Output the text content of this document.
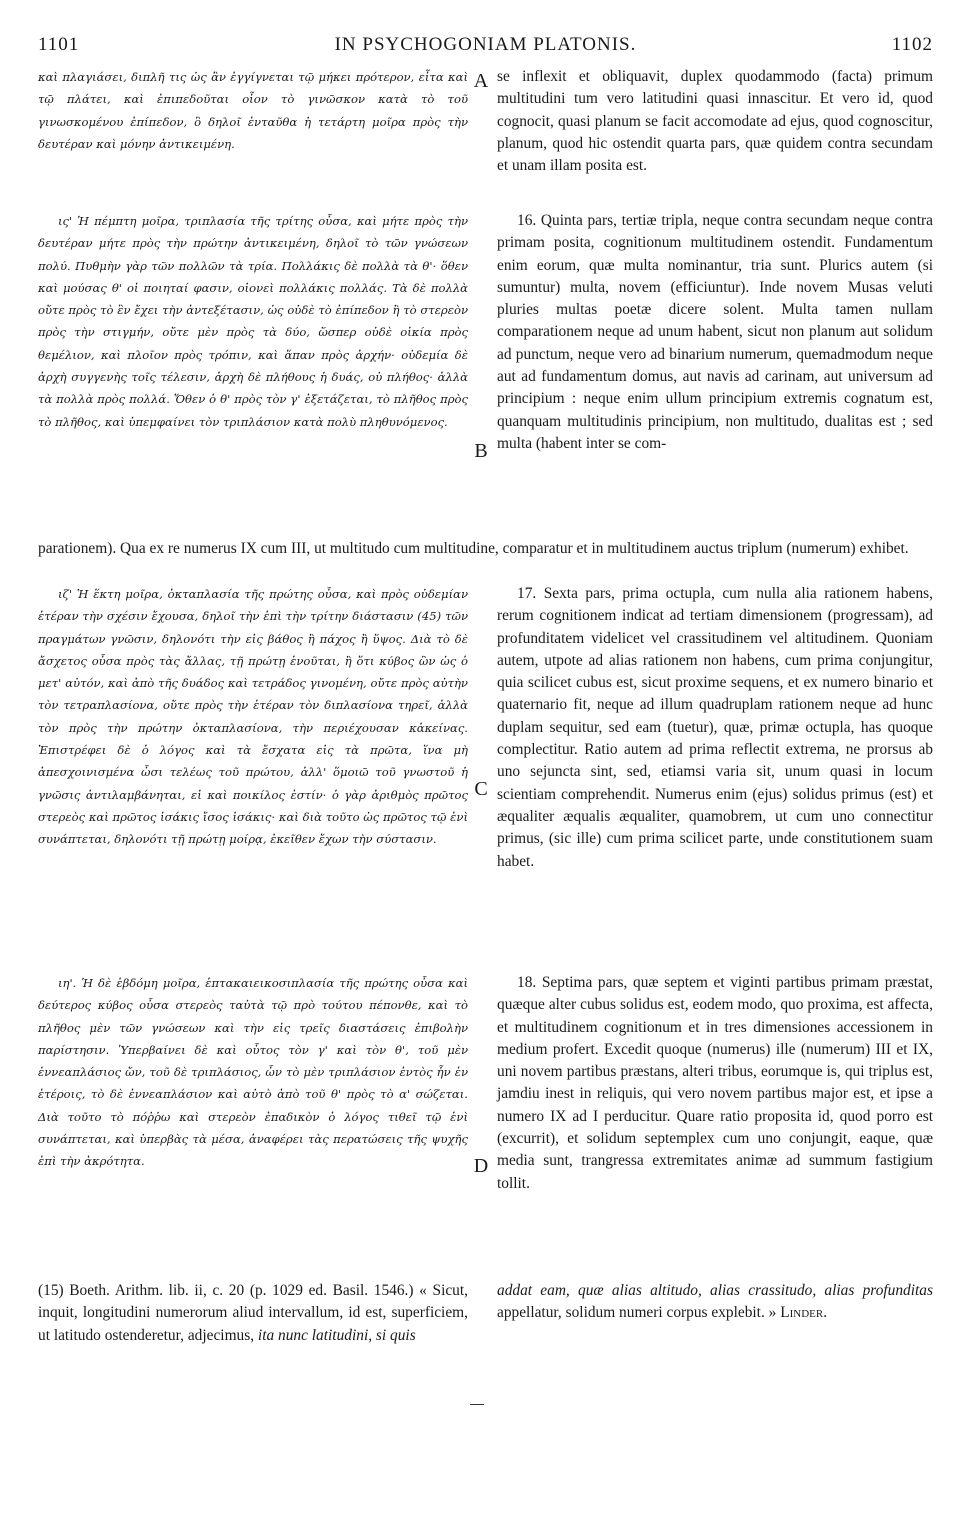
1101	IN PSYCHOGONIAM PLATONIS.	1102
A
B
C
D

καὶ πλαγιάσει, διπλῆ τις ὡς ἂν ἐγγίγνεται τῷ μήκει πρότερον, εἶτα καὶ τῷ πλάτει, καὶ ἐπιπεδοῦται οἷον τὸ γινῶσκον κατὰ τὸ τοῦ γινωσκομένου ἐπίπεδον, ὃ δηλοῖ ἐνταῦθα ἡ τετάρτη μοῖρα πρὸς τὴν δευτέραν καὶ μόνην ἀντικειμένη.

ις' Ἡ πέμπτη μοῖρα, τριπλασία τῆς τρίτης οὖσα, καὶ μήτε πρὸς τὴν δευτέραν μήτε πρὸς τὴν πρώτην ἀντικειμένη, δηλοῖ τὸ τῶν γνώσεων πολύ. Πυθμὴν γὰρ τῶν πολλῶν τὰ τρία. Πολλάκις δὲ πολλὰ τὰ θ'· ὅθεν καὶ μούσας θ' οἱ ποιηταί φασιν, οἱονεὶ πολλάκις πολλάς. Τὰ δὲ πολλὰ οὔτε πρὸς τὸ ἓν ἔχει τὴν ἀντεξέτασιν, ὡς οὐδὲ τὸ ἐπίπεδον ἢ τὸ στερεὸν πρὸς τὴν στιγμήν, οὔτε μὲν πρὸς τὰ δύο, ὥσπερ οὐδὲ οἰκία πρὸς θεμέλιον, καὶ πλοῖον πρὸς τρόπιν, καὶ ἅπαν πρὸς ἀρχήν· οὐδεμία δὲ ἀρχὴ συγγενὴς τοῖς τέλεσιν, ἀρχὴ δὲ πλήθους ἡ δυάς, οὐ πλήθος· ἀλλὰ τὰ πολλὰ πρὸς πολλά. Ὅθεν ὁ θ' πρὸς τὸν γ' ἐξετάζεται, τὸ πλῆθος πρὸς τὸ πλῆθος, καὶ ὑπεμφαίνει τὸν τριπλάσιον κατὰ πολὺ πληθυνόμενος.

ιζ' Ἡ ἕκτη μοῖρα, ὀκταπλασία τῆς πρώτης οὖσα, καὶ πρὸς οὐδεμίαν ἑτέραν τὴν σχέσιν ἔχουσα, δηλοῖ τὴν ἐπὶ τὴν τρίτην διάστασιν (45) τῶν πραγμάτων γνῶσιν, δηλονότι τὴν εἰς βάθος ἢ πάχος ἢ ὕψος. Διὰ τὸ δὲ ἄσχετος οὖσα πρὸς τὰς ἄλλας, τῇ πρώτῃ ἑνοῦται, ἢ ὅτι κύβος ὢν ὡς ὁ μετ' αὐτόν, καὶ ἀπὸ τῆς δυάδος καὶ τετράδος γινομένη, οὔτε πρὸς αὐτὴν τὸν τετραπλασίονα, οὔτε πρὸς τὴν ἑτέραν τὸν διπλασίονα τηρεῖ, ἀλλὰ τὸν πρὸς τὴν πρώτην ὀκταπλασίονα, τὴν περιέχουσαν κἀκείνας. Ἐπιστρέφει δὲ ὁ λόγος καὶ τὰ ἔσχατα εἰς τὰ πρῶτα, ἵνα μὴ ἀπεσχοινισμένα ὦσι τελέως τοῦ πρώτου, ἀλλ' ὅμοιῶ τοῦ γνωστοῦ ἡ γνῶσις ἀντιλαμβάνηται, εἰ καὶ ποικίλος ἐστίν· ὁ γὰρ ἀριθμὸς πρῶτος στερεὸς καὶ πρῶτος ἰσάκις ἴσος ἰσάκις· καὶ διὰ τοῦτο ὡς πρῶτος τῷ ἑνὶ συνάπτεται, δηλονότι τῇ πρώτῃ μοίρᾳ, ἐκεῖθεν ἔχων τὴν σύστασιν.

ιη'. Ἡ δὲ ἑβδόμη μοῖρα, ἑπτακαιεικοσιπλασία τῆς πρώτης οὖσα καὶ δεύτερος κύβος οὖσα στερεὸς ταὐτὰ τῷ πρὸ τούτου πέπονθε, καὶ τὸ πλῆθος μὲν τῶν γνώσεων καὶ τὴν εἰς τρεῖς διαστάσεις ἐπιβολὴν παρίστησιν. Ὑπερβαίνει δὲ καὶ οὗτος τὸν γ' καὶ τὸν θ', τοῦ μὲν ἐννεαπλάσιος ὤν, τοῦ δὲ τριπλάσιος, ὧν τὸ μὲν τριπλάσιον ἐντὸς ἦν ἐν ἑτέροις, τὸ δὲ ἐννεαπλάσιον καὶ αὐτὸ ἀπὸ τοῦ θ' πρὸς τὸ α' σώζεται. Διὰ τοῦτο τὸ πόῤῥω καὶ στερεὸν ἐπαδικὸν ὁ λόγος τιθεῖ τῷ ἑνὶ συνάπτεται, καὶ ὑπερβὰς τὰ μέσα, ἀναφέρει τὰς περατώσεις τῆς ψυχῆς ἐπὶ τὴν ἀκρότητα.

se inflexit et obliquavit, duplex quodammodo (facta) primum multitudini tum vero latitudini quasi innascitur. Et vero id, quod cognocit, quasi planum se facit accomodate ad ejus, quod cognoscitur, planum, quod hic ostendit quarta pars, quæ quidem contra secundam et unam illam posita est.

16. Quinta pars, tertiæ tripla, neque contra secundam neque contra primam posita, cognitionum multitudinem ostendit. Fundamentum enim eorum, quæ multa nominantur, tria sunt. Plurics autem (si sumuntur) multa, novem (efficiuntur). Inde novem Musas veluti pluries multas poetæ dicere solent. Multa tamen nullam comparationem neque ad unum habent, sicut non planum aut solidum ad punctum, neque vero ad binarium numerum, quemadmodum neque aut ad fundamentum domus, aut navis ad carinam, aut universum ad principium : neque enim ullum principium extremis cognatum est, quanquam multitudinis principium, non multitudo, dualitas est ; sed multa (habent inter se com-

parationem). Qua ex re numerus IX cum III, ut multitudo cum multitudine, comparatur et in multitudinem auctus triplum (numerum) exhibet.

17. Sexta pars, prima octupla, cum nulla alia rationem habens, rerum cognitionem indicat ad tertiam dimensionem (progressam), ad profunditatem videlicet vel crassitudinem vel altitudinem. Quoniam autem, utpote ad alias rationem non habens, cum prima conjungitur, quia scilicet cubus est, sicut proxime sequens, et ex numero binario et quaternario fit, neque ad illum quadruplam rationem neque ad hunc duplam sequitur, sed eam (tuetur), quæ, primæ octupla, has quoque complectitur. Ratio autem ad prima reflectit extrema, ne prorsus ab uno sejuncta sint, sed, etiamsi varia sit, unum quasi in locum scientiam comprehendit. Numerus enim (ejus) solidus primus (est) et æqualiter æqualis æqualiter, quamobrem, ut cum uno connectitur primus, (sic ille) cum prima scilicet parte, unde constitutionem suam habet.

18. Septima pars, quæ septem et viginti partibus primam præstat, quæque alter cubus solidus est, eodem modo, quo proxima, est affecta, et multitudinem cognitionum et in tres dimensiones accessionem in medium profert. Excedit quoque (numerus) ille (numerum) III et IX, uni novem partibus præstans, alteri tribus, eorumque is, qui triplus est, jamdiu inest in reliquis, qui vero novem partibus major est, et ipse a numero IX ad I perducitur. Quare ratio proposita id, quod porro est (excurrit), et solidum septemplex cum uno conjungit, eaque, quæ media sunt, trangressa extremitates animæ ad summum fastigium tollit.

(15) Boeth. Arithm. lib. ii, c. 20 (p. 1029 ed. Basil. 1546.) « Sicut, inquit, longitudini numerorum aliud intervallum, id est, superficiem, ut latitudo ostenderetur, adjecimus, ita nunc latitudini, si quis
addat eam, quæ alias altitudo, alias crassitudo, alias profunditas appellatur, solidum numeri corpus explebit. » Linder.
